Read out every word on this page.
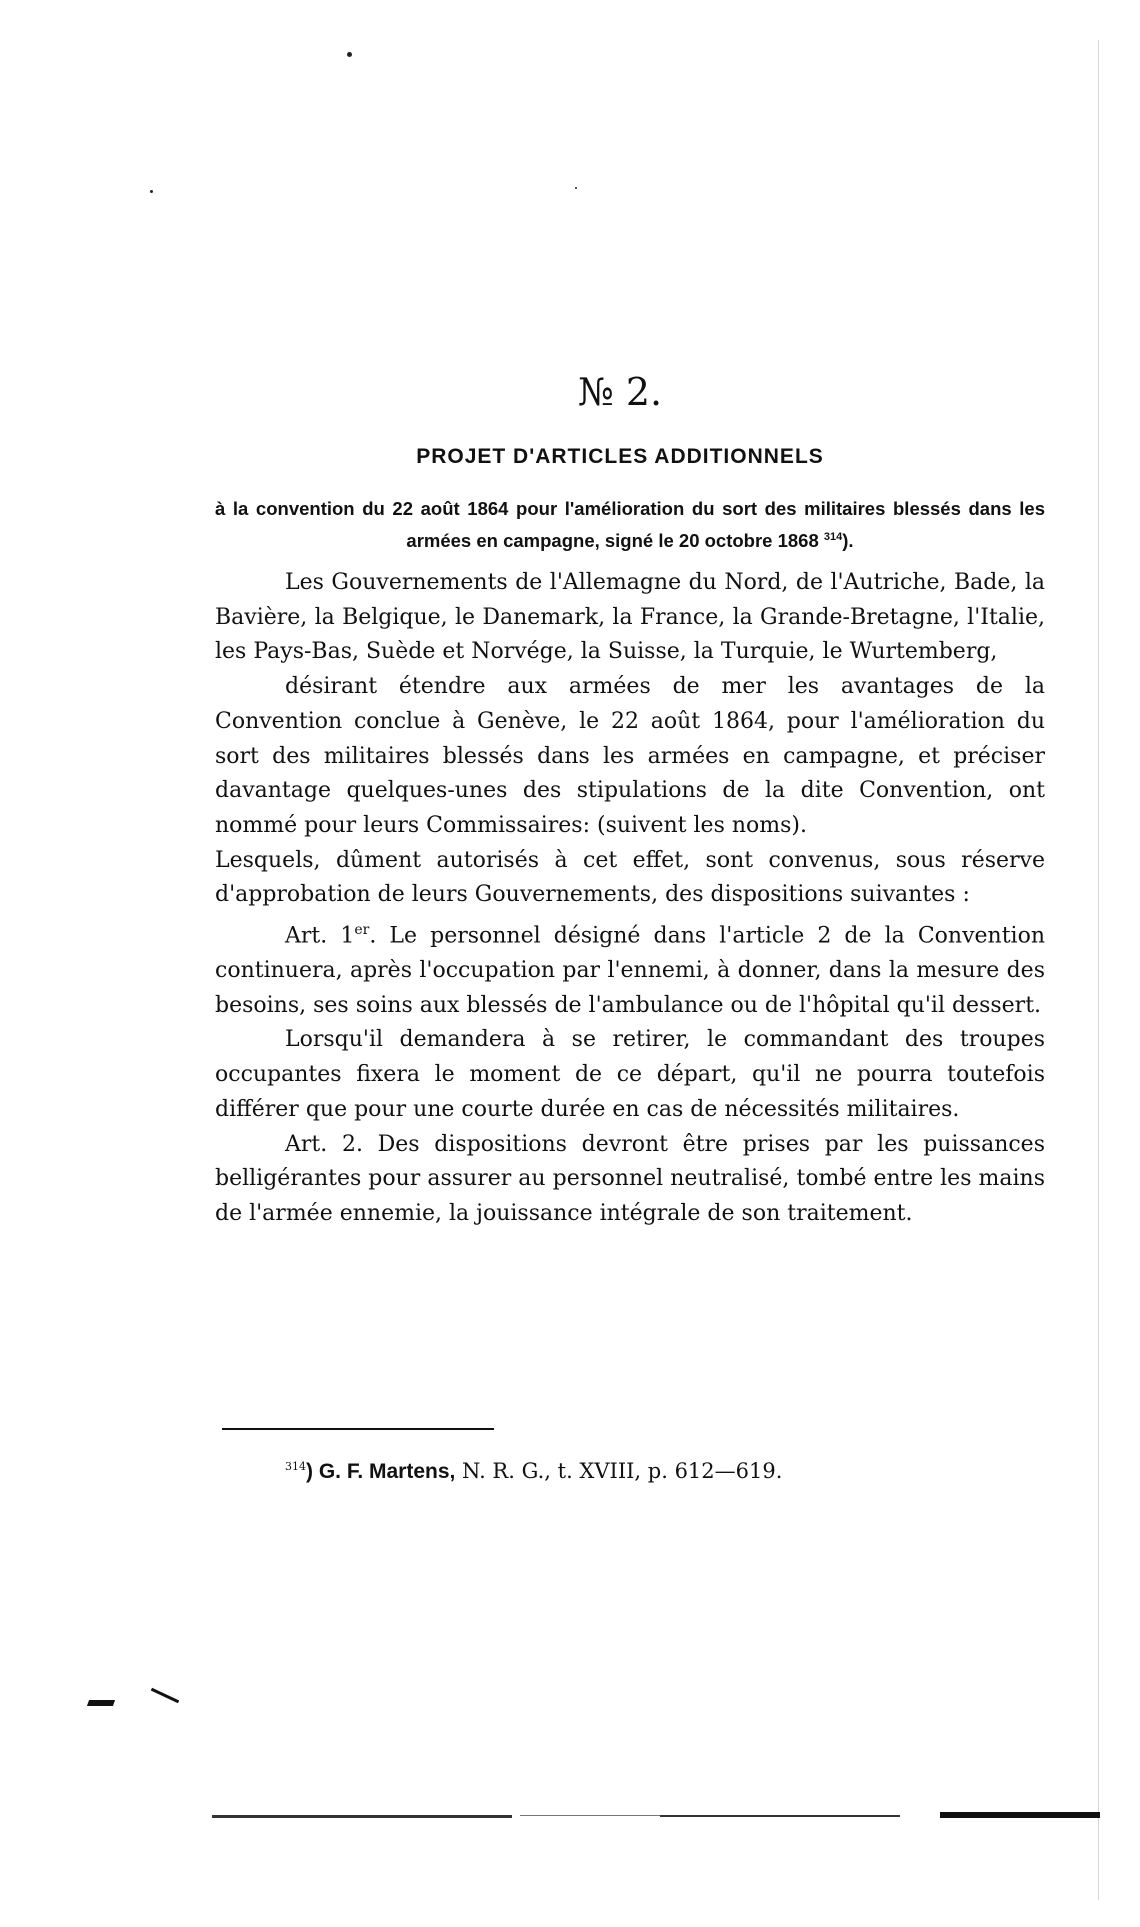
№ 2.
PROJET D'ARTICLES ADDITIONNELS
à la convention du 22 août 1864 pour l'amélioration du sort des militaires blessés dans les armées en campagne, signé le 20 octobre 1868 $^{314}$).

Les Gouvernements de l'Allemagne du Nord, de l'Autriche, Bade, la Bavière, la Belgique, le Danemark, la France, la Grande-Bretagne, l'Italie, les Pays-Bas, Suède et Norvége, la Suisse, la Turquie, le Wurtemberg,

désirant étendre aux armées de mer les avantages de la Convention conclue à Genève, le 22 août 1864, pour l'amélioration du sort des militaires blessés dans les armées en campagne, et préciser davantage quelques-unes des stipulations de la dite Convention, ont nommé pour leurs Commissaires: (suivent les noms).

Lesquels, dûment autorisés à cet effet, sont convenus, sous réserve d'approbation de leurs Gouvernements, des dispositions suivantes :

Art. 1er. Le personnel désigné dans l'article 2 de la Convention continuera, après l'occupation par l'ennemi, à donner, dans la mesure des besoins, ses soins aux blessés de l'ambulance ou de l'hôpital qu'il dessert.

Lorsqu'il demandera à se retirer, le commandant des troupes occupantes fixera le moment de ce départ, qu'il ne pourra toutefois différer que pour une courte durée en cas de nécessités militaires.

Art. 2. Des dispositions devront être prises par les puissances belligérantes pour assurer au personnel neutralisé, tombé entre les mains de l'armée ennemie, la jouissance intégrale de son traitement.

$^{314}$) G. F. Martens, N. R. G., t. XVIII, p. 612—619.
